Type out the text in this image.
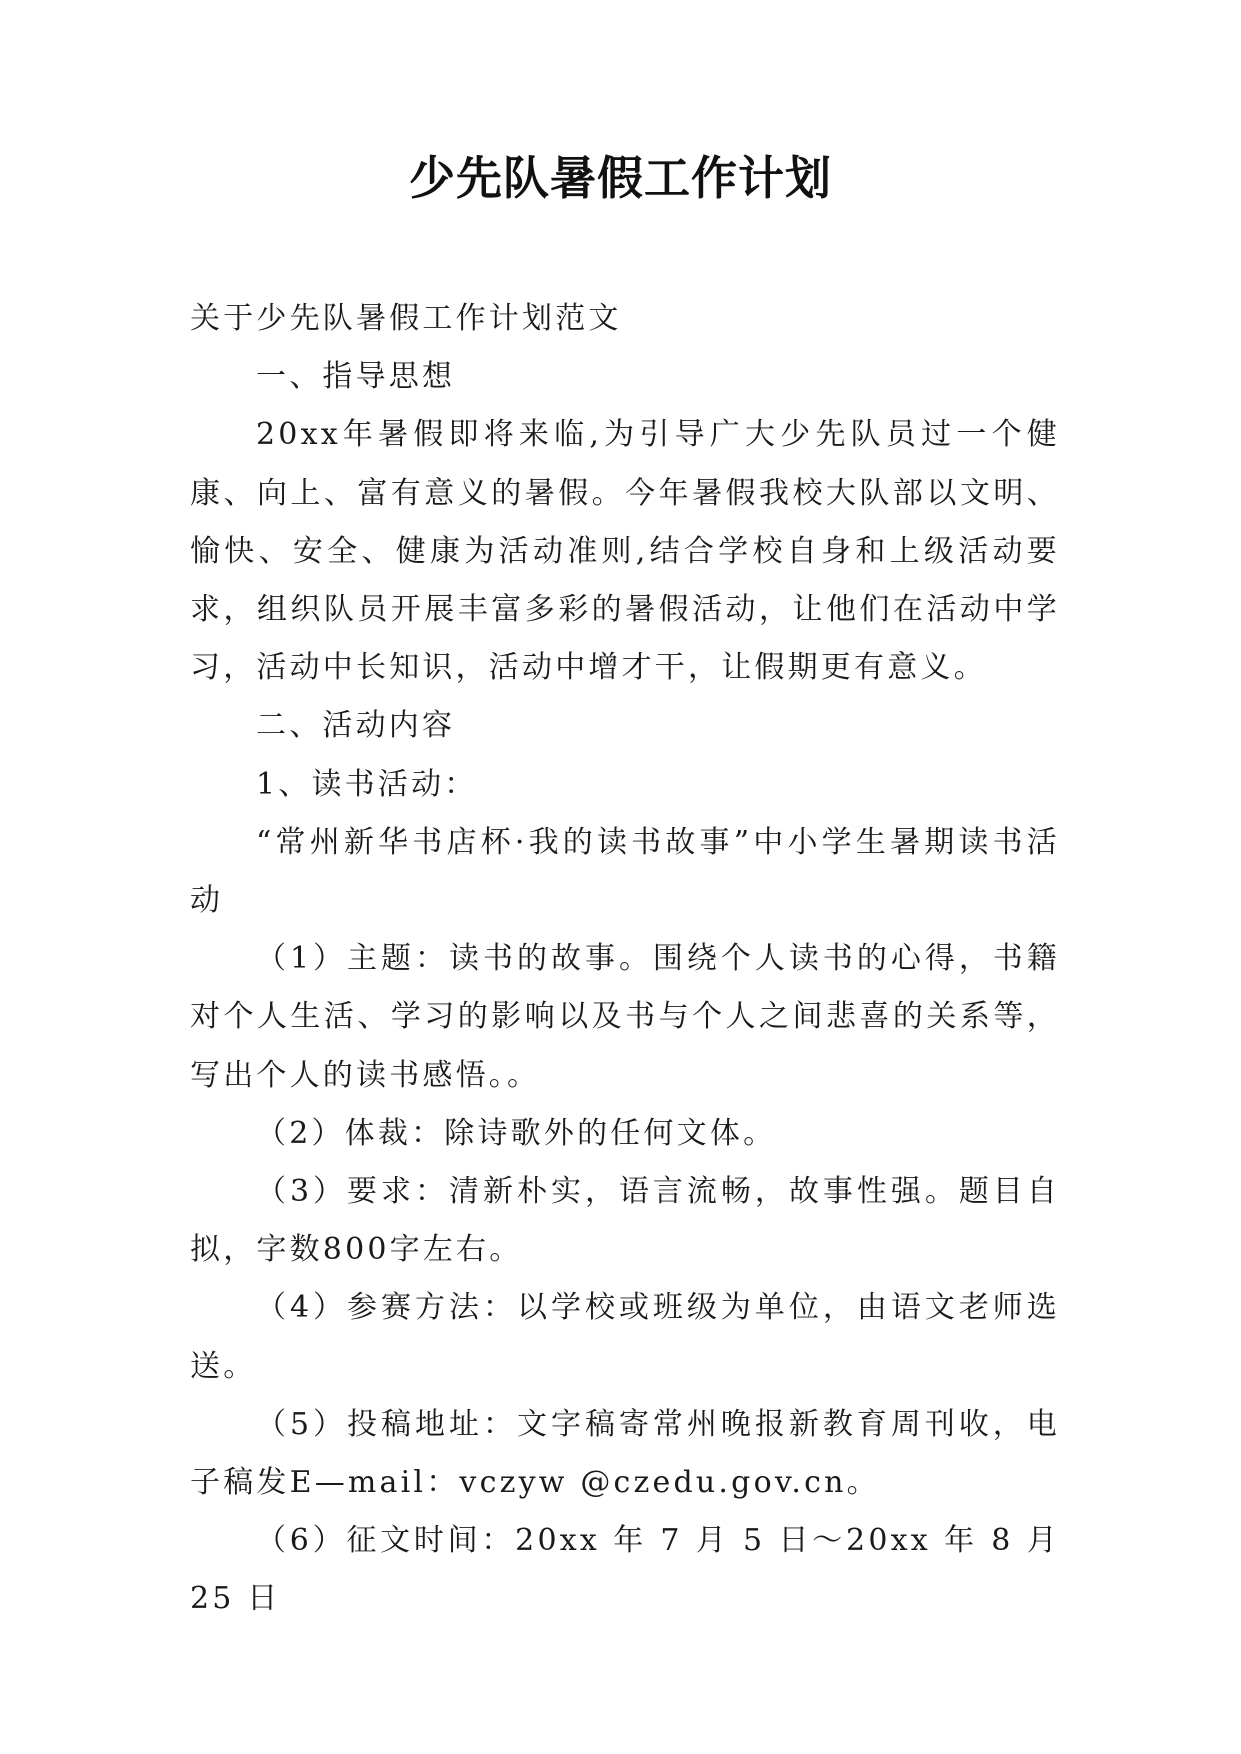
少先队暑假工作计划

关于少先队暑假工作计划范文

一、指导思想

20xx年暑假即将来临,为引导广大少先队员过一个健康、向上、富有意义的暑假。今年暑假我校大队部以文明、愉快、安全、健康为活动准则,结合学校自身和上级活动要求，组织队员开展丰富多彩的暑假活动，让他们在活动中学习，活动中长知识，活动中增才干，让假期更有意义。

二、活动内容

1、读书活动：

“常州新华书店杯·我的读书故事”中小学生暑期读书活动

（1）主题：读书的故事。围绕个人读书的心得，书籍对个人生活、学习的影响以及书与个人之间悲喜的关系等，写出个人的读书感悟。。

（2）体裁：除诗歌外的任何文体。

（3）要求：清新朴实，语言流畅，故事性强。题目自拟，字数800字左右。

（4）参赛方法：以学校或班级为单位，由语文老师选送。

（5）投稿地址：文字稿寄常州晚报新教育周刊收，电子稿发E—mail：vczyw @czedu.gov.cn。

（6）征文时间：20xx 年 7 月 5 日～20xx 年 8 月 25 日
